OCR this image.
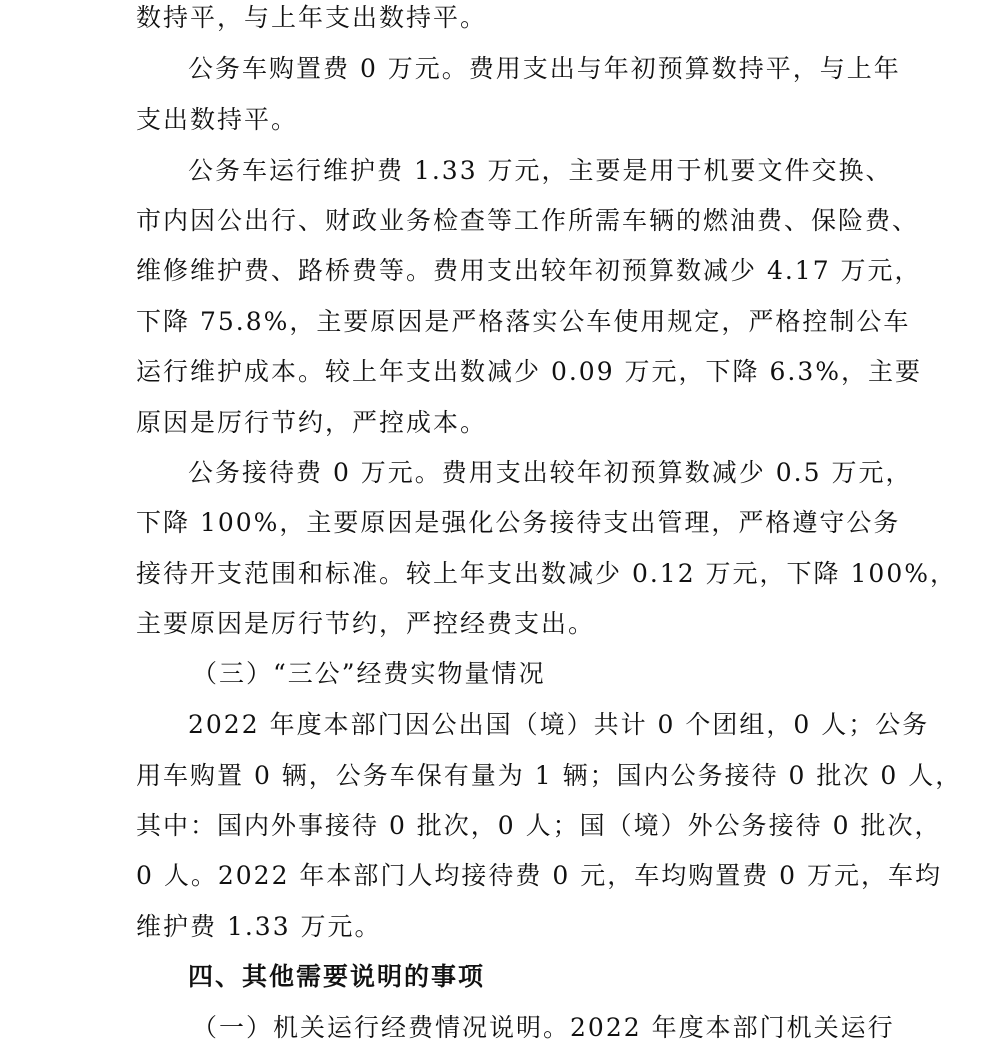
数持平，与上年支出数持平。
公务车购置费 0 万元。费用支出与年初预算数持平，与上年
支出数持平。
公务车运行维护费 1.33 万元，主要是用于机要文件交换、
市内因公出行、财政业务检查等工作所需车辆的燃油费、保险费、
维修维护费、路桥费等。费用支出较年初预算数减少 4.17 万元，
下降 75.8%，主要原因是严格落实公车使用规定，严格控制公车
运行维护成本。较上年支出数减少 0.09 万元，下降 6.3%，主要
原因是厉行节约，严控成本。
公务接待费 0 万元。费用支出较年初预算数减少 0.5 万元，
下降 100%，主要原因是强化公务接待支出管理，严格遵守公务
接待开支范围和标准。较上年支出数减少 0.12 万元，下降 100%，
主要原因是厉行节约，严控经费支出。
（三）“三公”经费实物量情况
2022 年度本部门因公出国（境）共计 0 个团组，0 人；公务
用车购置 0 辆，公务车保有量为 1 辆；国内公务接待 0 批次 0 人，
其中：国内外事接待 0 批次，0 人；国（境）外公务接待 0 批次，
0 人。2022 年本部门人均接待费 0 元，车均购置费 0 万元，车均
维护费 1.33 万元。
四、其他需要说明的事项
（一）机关运行经费情况说明。2022 年度本部门机关运行
